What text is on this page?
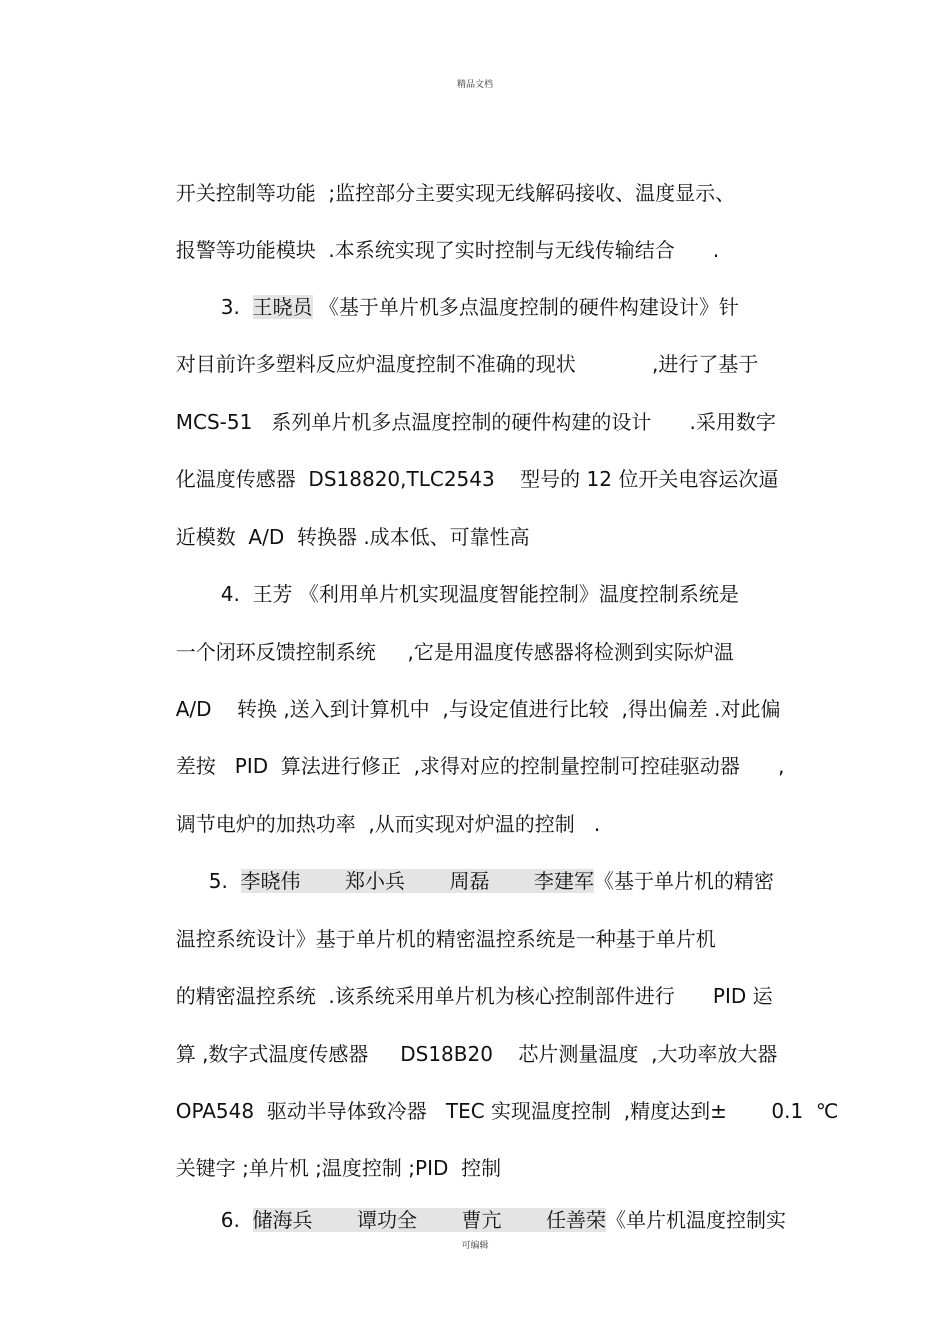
精品文档

开关控制等功能  ;监控部分主要实现无线解码接收、温度显示、

报警等功能模块  .本系统实现了实时控制与无线传输结合      .

3.  王晓员 《基于单片机多点温度控制的硬件构建设计》针

对目前许多塑料反应炉温度控制不准确的现状            ,进行了基于

MCS-51   系列单片机多点温度控制的硬件构建的设计      .采用数字

化温度传感器  DS18820,TLC2543    型号的 12 位开关电容运次逼

近模数  A/D  转换器 .成本低、可靠性高

4.  王芳 《利用单片机实现温度智能控制》温度控制系统是

一个闭环反馈控制系统     ,它是用温度传感器将检测到实际炉温

A/D    转换 ,送入到计算机中  ,与设定值进行比较  ,得出偏差 .对此偏

差按   PID  算法进行修正  ,求得对应的控制量控制可控硅驱动器      ,

调节电炉的加热功率  ,从而实现对炉温的控制   .

5.  李晓伟       郑小兵       周磊       李建军《基于单片机的精密

温控系统设计》基于单片机的精密温控系统是一种基于单片机

的精密温控系统  .该系统采用单片机为核心控制部件进行      PID 运

算 ,数字式温度传感器     DS18B20    芯片测量温度  ,大功率放大器

OPA548  驱动半导体致冷器   TEC 实现温度控制  ,精度达到±       0.1  ℃

关键字 ;单片机 ;温度控制 ;PID  控制

6.  储海兵       谭功全       曹亢       任善荣《单片机温度控制实

可编辑
